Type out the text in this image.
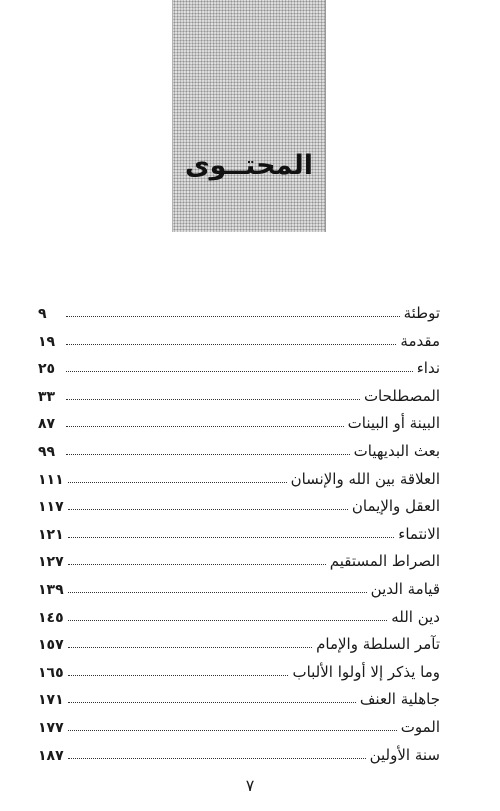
المحتــوى
توطئة
٩
مقدمة
١٩
نداء
٢٥
المصطلحات
٣٣
البينة أو البينات
٨٧
بعث البديهيات
٩٩
العلاقة بين الله والإنسان
١١١
العقل والإيمان
١١٧
الانتماء
١٢١
الصراط المستقيم
١٢٧
قيامة الدين
١٣٩
دين الله
١٤٥
تآمر السلطة والإمام
١٥٧
وما يذكر إلا أولوا الألباب
١٦٥
جاهلية العنف
١٧١
الموت
١٧٧
سنة الأولين
١٨٧
٧
